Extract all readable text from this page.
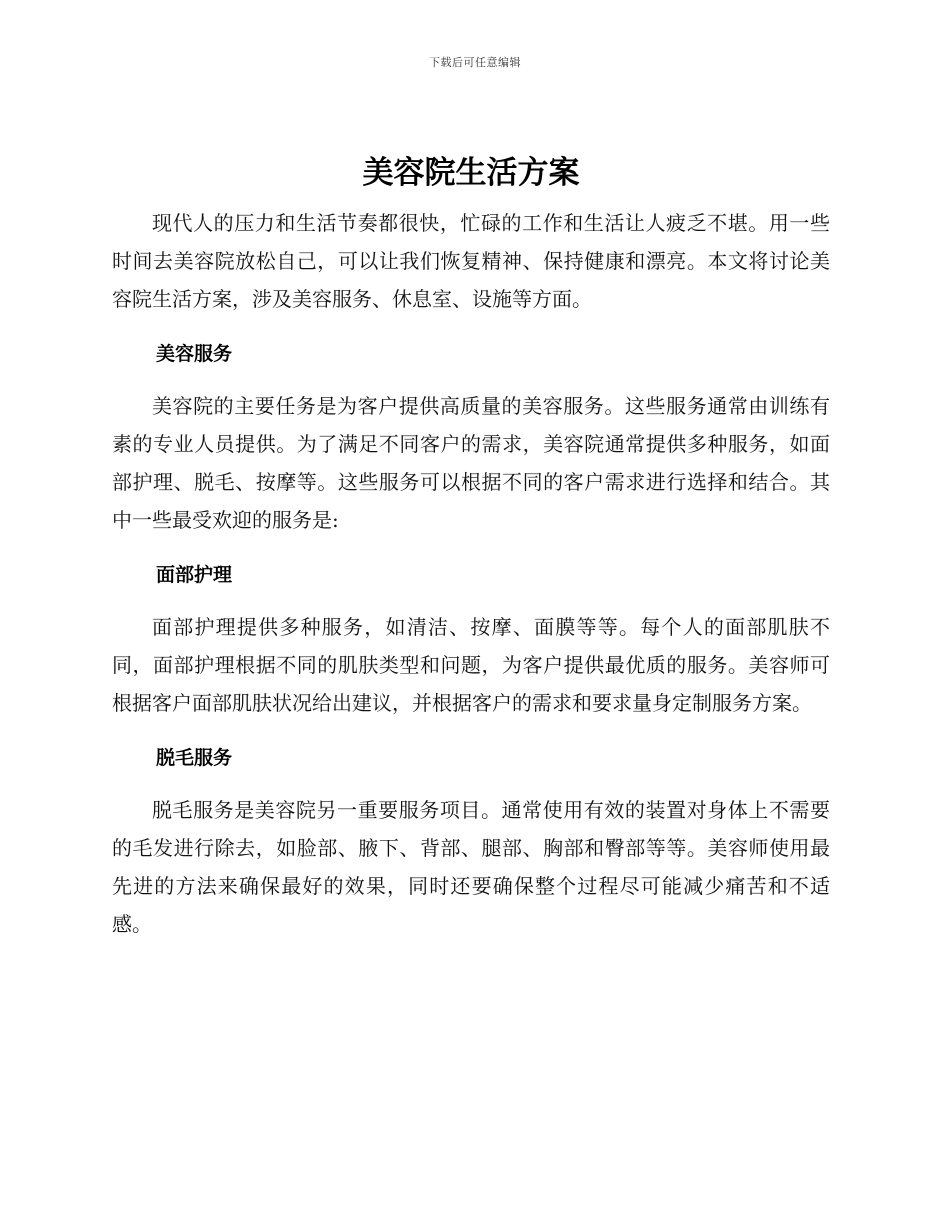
下载后可任意编辑
美容院生活方案

现代人的压力和生活节奏都很快，忙碌的工作和生活让人疲乏不堪。用一些时间去美容院放松自己，可以让我们恢复精神、保持健康和漂亮。本文将讨论美容院生活方案，涉及美容服务、休息室、设施等方面。

美容服务

美容院的主要任务是为客户提供高质量的美容服务。这些服务通常由训练有素的专业人员提供。为了满足不同客户的需求，美容院通常提供多种服务，如面部护理、脱毛、按摩等。这些服务可以根据不同的客户需求进行选择和结合。其中一些最受欢迎的服务是:

面部护理

面部护理提供多种服务，如清洁、按摩、面膜等等。每个人的面部肌肤不同，面部护理根据不同的肌肤类型和问题，为客户提供最优质的服务。美容师可根据客户面部肌肤状况给出建议，并根据客户的需求和要求量身定制服务方案。

脱毛服务

脱毛服务是美容院另一重要服务项目。通常使用有效的装置对身体上不需要的毛发进行除去，如脸部、腋下、背部、腿部、胸部和臀部等等。美容师使用最先进的方法来确保最好的效果，同时还要确保整个过程尽可能减少痛苦和不适感。
